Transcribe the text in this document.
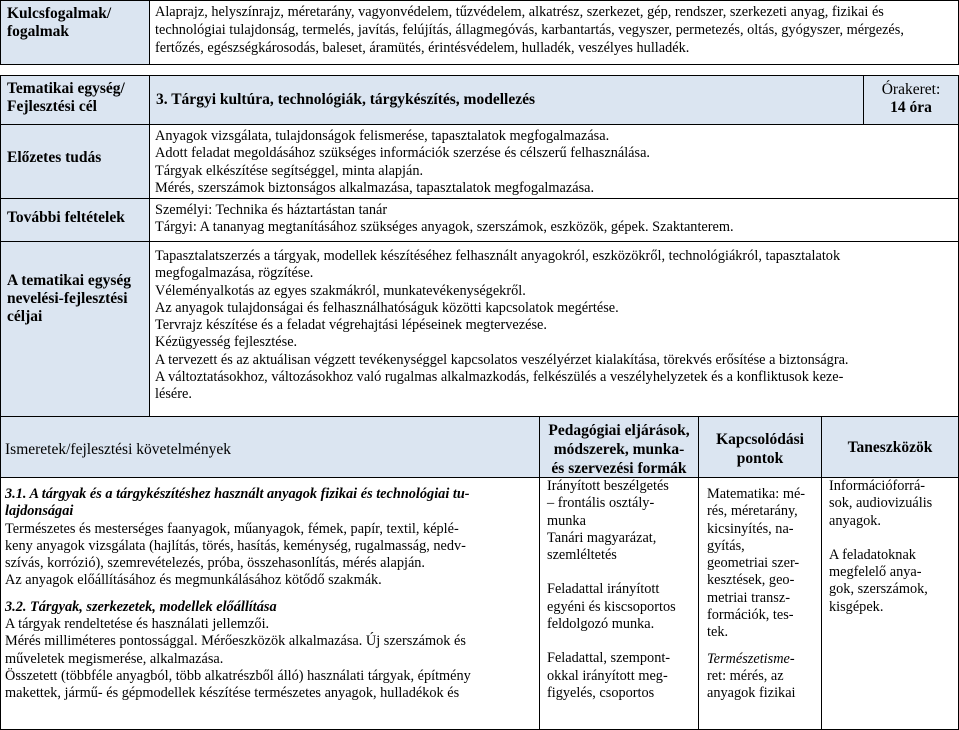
Kulcsfogalmak/ fogalmak
Alaprajz, helyszínrajz, méretarány, vagyonvédelem, tűzvédelem, alkatrész, szerkezet, gép, rendszer, szerkezeti anyag, fizikai és technológiai tulajdonság, termelés, javítás, felújítás, állagmegóvás, karbantartás, vegyszer, permetezés, oltás, gyógyszer, mérgezés, fertőzés, egészségkárosodás, baleset, áramütés, érintésvédelem, hulladék, veszélyes hulladék.
Tematikai egység/
Fejlesztési cél	3. Tárgyi kultúra, technológiák, tárgykészítés, modellezés
Órakeret:
14 óra
Előzetes tudás
Anyagok vizsgálata, tulajdonságok felismerése, tapasztalatok megfogalmazása.
Adott feladat megoldásához szükséges információk szerzése és célszerű felhasználása.
Tárgyak elkészítése segítséggel, minta alapján.
Mérés, szerszámok biztonságos alkalmazása, tapasztalatok megfogalmazása.
További feltételek	Személyi: Technika és háztartástan tanár
Tárgyi: A tananyag megtanításához szükséges anyagok, szerszámok, eszközök, gépek. Szaktanterem.
A tematikai egység
nevelési-fejlesztési
céljai
Tapasztalatszerzés a tárgyak, modellek készítéséhez felhasznált anyagokról, eszközökről, technológiákról, tapasztalatok
megfogalmazása, rögzítése.
Véleményalkotás az egyes szakmákról, munkatevékenységekről.
Az anyagok tulajdonságai és felhasználhatóságuk közötti kapcsolatok megértése.
Tervrajz készítése és a feladat végrehajtási lépéseinek megtervezése.
Kézügyesség fejlesztése.
A tervezett és az aktuálisan végzett tevékenységgel kapcsolatos veszélyérzet kialakítása, törekvés erősítése a biztonságra.
A változtatásokhoz, változásokhoz való rugalmas alkalmazkodás, felkészülés a veszélyhelyzetek és a konfliktusok keze-
lésére.
Ismeretek/fejlesztési követelmények
Pedagógiai eljárások,
módszerek, munka-
és szervezési formák
Kapcsolódási
pontok
Taneszközök
3.1. A tárgyak és a tárgykészítéshez használt anyagok fizikai és technológiai tu-
lajdonságai
Természetes és mesterséges faanyagok, műanyagok, fémek, papír, textil, képlé-
keny anyagok vizsgálata (hajlítás, törés, hasítás, keménység, rugalmasság, nedv-
szívás, korrózió), szemrevételezés, próba, összehasonlítás, mérés alapján.
Az anyagok előállításához és megmunkálásához kötődő szakmák.
3.2. Tárgyak, szerkezetek, modellek előállítása
A tárgyak rendeltetése és használati jellemzői.
Mérés milliméteres pontossággal. Mérőeszközök alkalmazása. Új szerszámok és
műveletek megismerése, alkalmazása.
Összetett (többféle anyagból, több alkatrészből álló) használati tárgyak, építmény
makettek, jármű- és gépmodellek készítése természetes anyagok, hulladékok és
Irányított beszélgetés
– frontális osztály-
munka
Tanári magyarázat,
szemléltetés
Feladattal irányított
egyéni és kiscsoportos
feldolgozó munka.
Feladattal, szempont-
okkal irányított meg-
figyelés, csoportos
Matematika: mé-
rés, méretarány,
kicsinyítés, na-
gyítás,
geometriai szer-
kesztések, geo-
metriai transz-
formációk, tes-
tek.
Természetisme-
ret: mérés, az
anyagok fizikai
Információforrá-
sok, audiovizuális
anyagok.
A feladatoknak
megfelelő anya-
gok, szerszámok,
kisgépek.
